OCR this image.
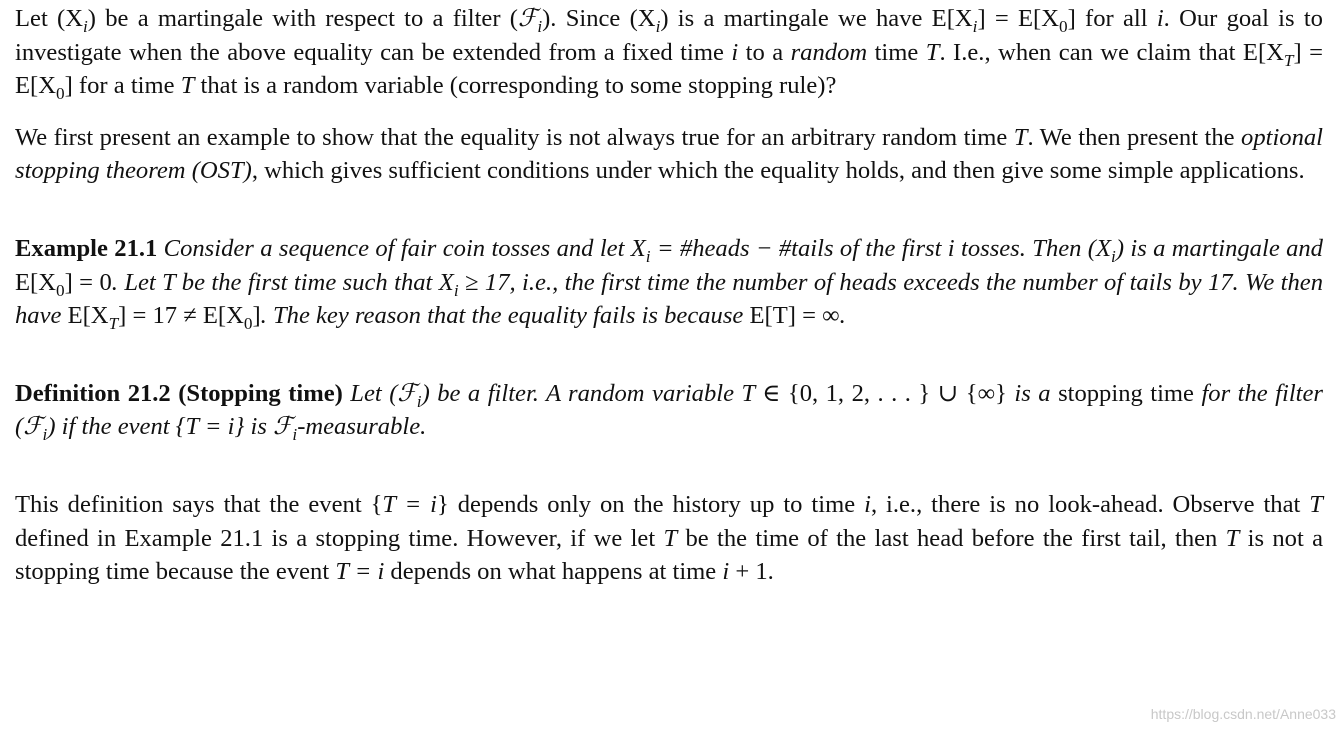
Let $(X_i)$ be a martingale with respect to a filter (ℱ$_i$). Since $(X_i)$ is a martingale we have $E[X_i] = E[X_0]$ for all i. Our goal is to investigate when the above equality can be extended from a fixed time i to a random time T. I.e., when can we claim that $E[X_T] = E[X_0]$ for a time T that is a random variable (corresponding to some stopping rule)?

We first present an example to show that the equality is not always true for an arbitrary random time T. We then present the optional stopping theorem (OST), which gives sufficient conditions under which the equality holds, and then give some simple applications.

Example 21.1 Consider a sequence of fair coin tosses and let $X_i$ = #heads − #tails of the first i tosses. Then $(X_i)$ is a martingale and $E[X_0] = 0$. Let T be the first time such that $X_i \ge 17$, i.e., the first time the number of heads exceeds the number of tails by 17. We then have $E[X_T] = 17 \ne E[X_0]$. The key reason that the equality fails is because E[T] = ∞.

Definition 21.2 (Stopping time) Let (ℱ$_i$) be a filter. A random variable T ∈ {0, 1, 2, . . . } ∪ {∞} is a stopping time for the filter (ℱ$_i$) if the event {T = i} is ℱ$_i$-measurable.

This definition says that the event {T = i} depends only on the history up to time i, i.e., there is no look-ahead. Observe that T defined in Example 21.1 is a stopping time. However, if we let T be the time of the last head before the first tail, then T is not a stopping time because the event T = i depends on what happens at time i + 1.

https://blog.csdn.net/Anne033
